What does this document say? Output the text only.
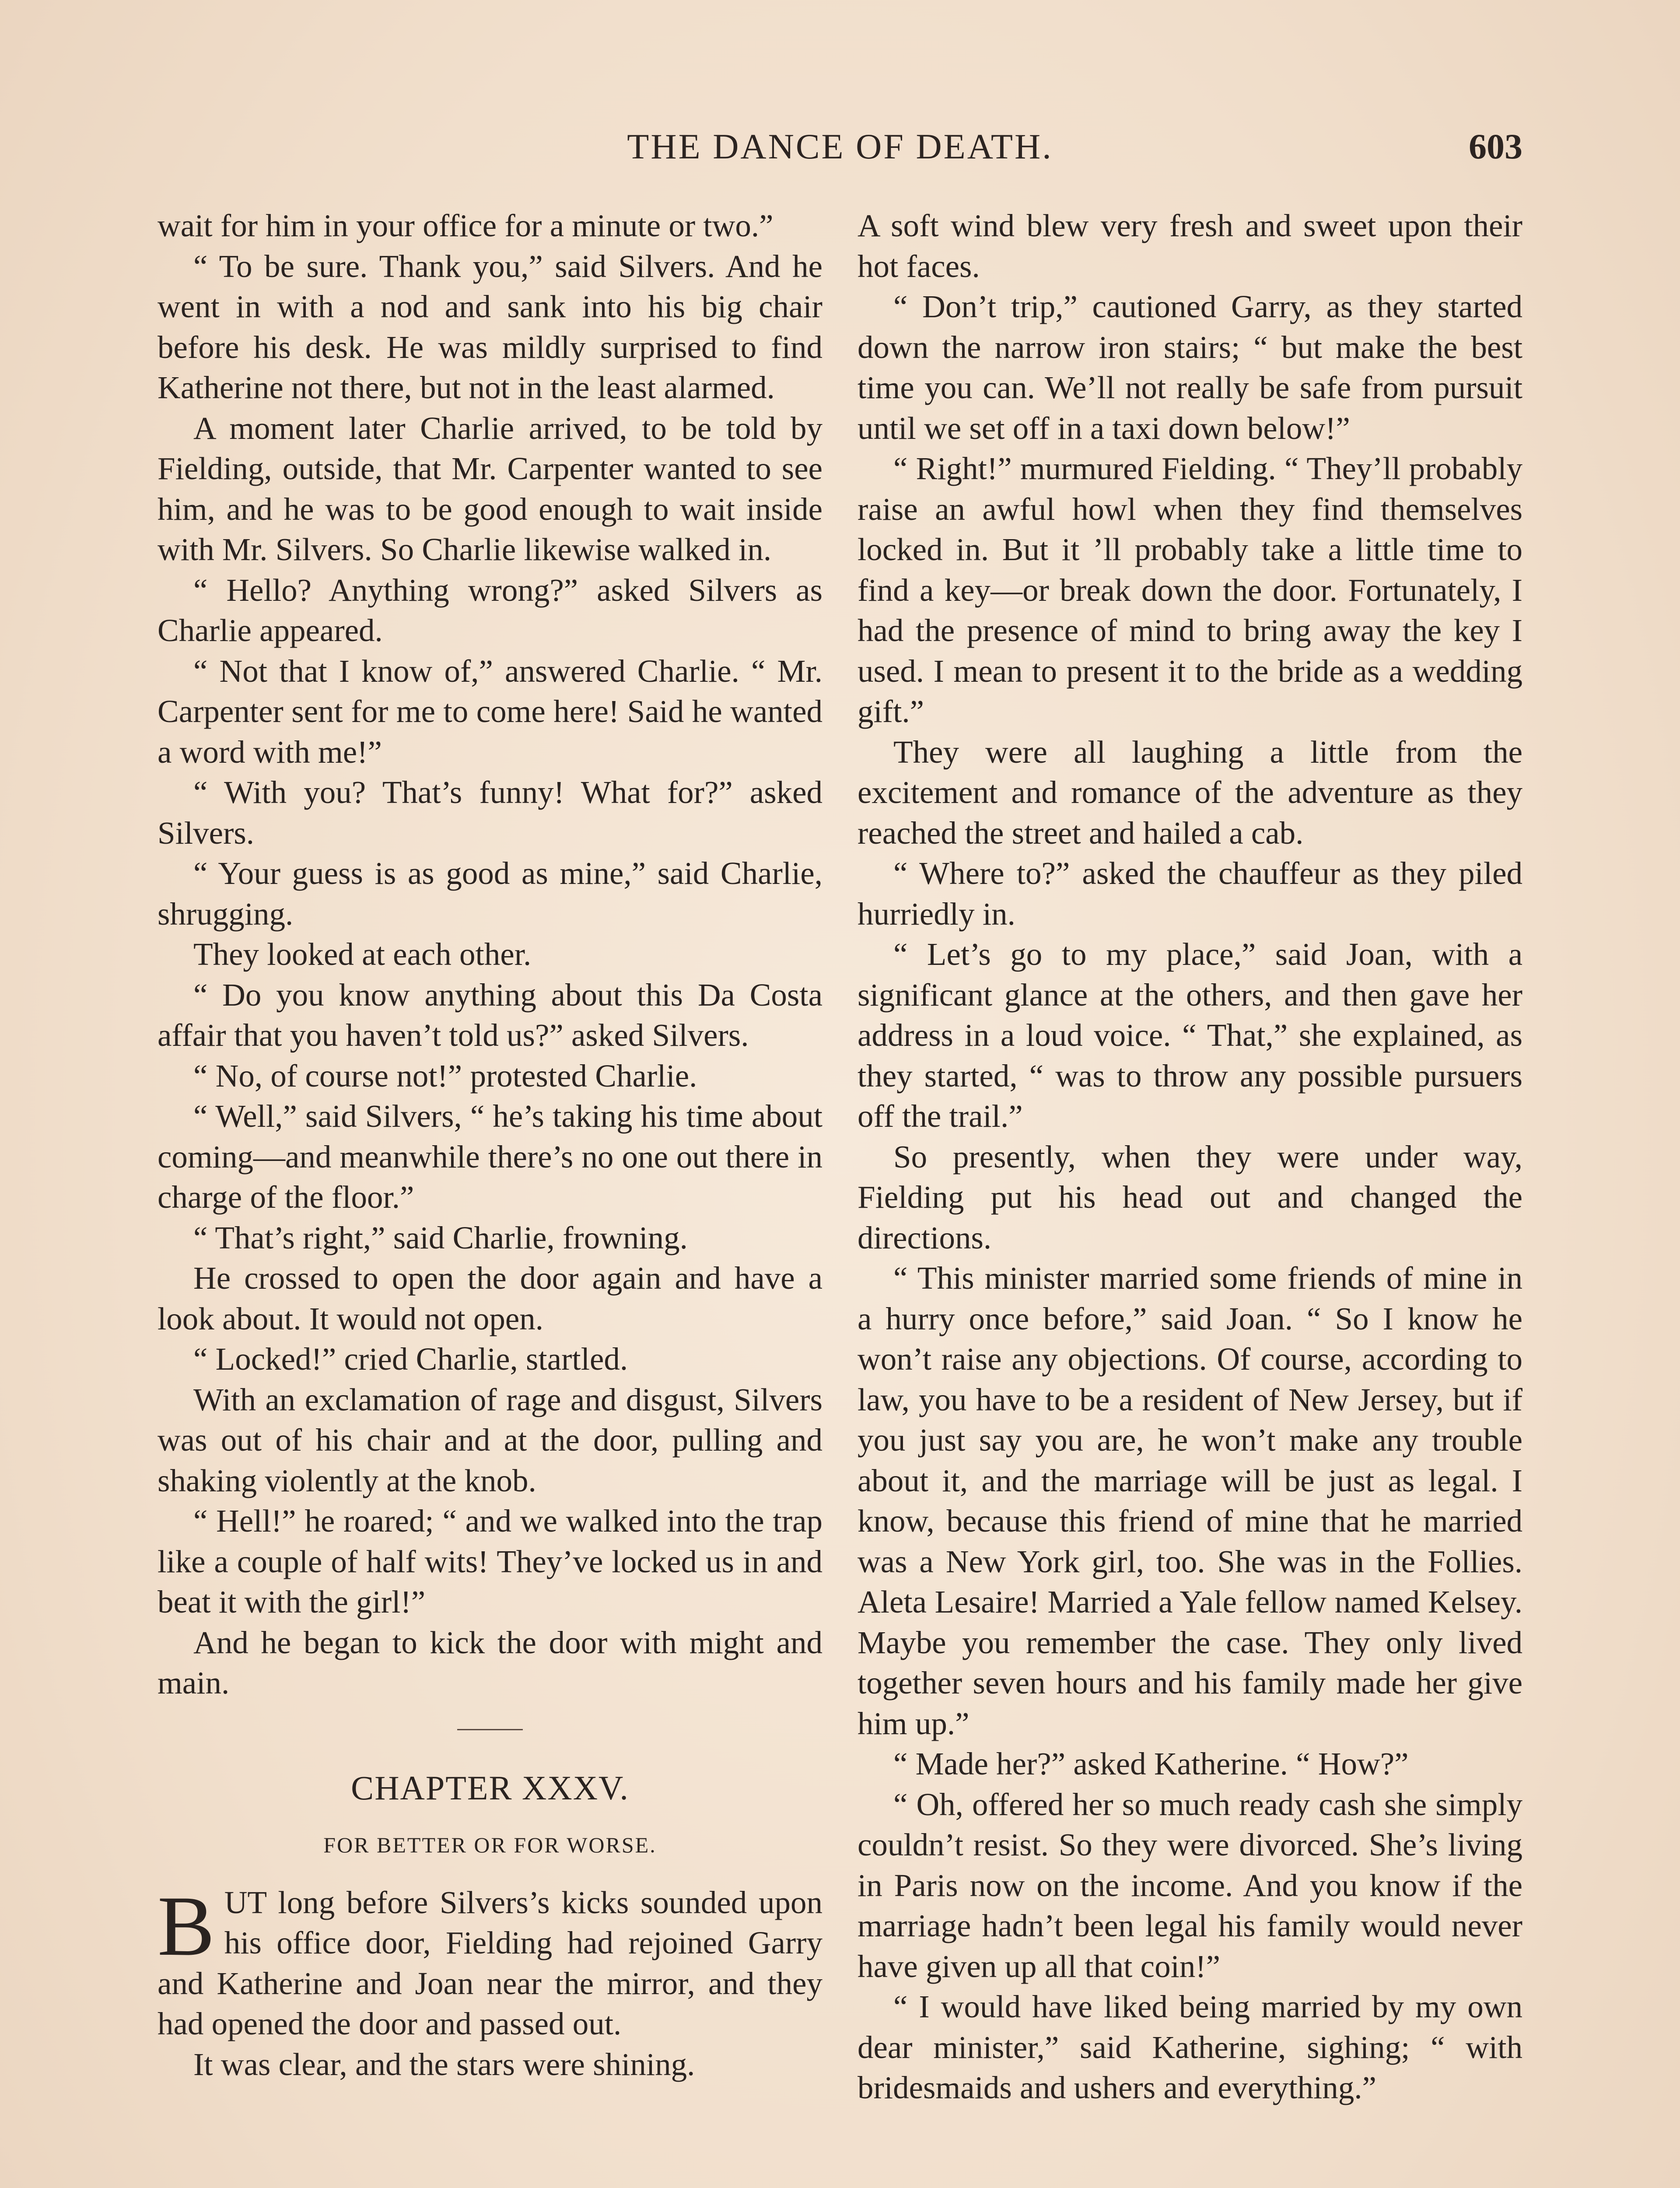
THE DANCE OF DEATH.	603

wait for him in your office for a minute or two.”

“ To be sure. Thank you,” said Silvers. And he went in with a nod and sank into his big chair before his desk. He was mildly surprised to find Katherine not there, but not in the least alarmed.

A moment later Charlie arrived, to be told by Fielding, outside, that Mr. Carpenter wanted to see him, and he was to be good enough to wait inside with Mr. Silvers. So Charlie likewise walked in.

“ Hello? Anything wrong?” asked Silvers as Charlie appeared.

“ Not that I know of,” answered Charlie. “ Mr. Carpenter sent for me to come here! Said he wanted a word with me!”

“ With you? That’s funny! What for?” asked Silvers.

“ Your guess is as good as mine,” said Charlie, shrugging.

They looked at each other.

“ Do you know anything about this Da Costa affair that you haven’t told us?” asked Silvers.

“ No, of course not!” protested Charlie.

“ Well,” said Silvers, “ he’s taking his time about coming—and meanwhile there’s no one out there in charge of the floor.”

“ That’s right,” said Charlie, frowning.

He crossed to open the door again and have a look about. It would not open.

“ Locked!” cried Charlie, startled.

With an exclamation of rage and disgust, Silvers was out of his chair and at the door, pulling and shaking violently at the knob.

“ Hell!” he roared; “ and we walked into the trap like a couple of half wits! They’ve locked us in and beat it with the girl!”

And he began to kick the door with might and main.

CHAPTER XXXV.
FOR BETTER OR FOR WORSE.

BUT long before Silvers’s kicks sounded upon his office door, Fielding had rejoined Garry and Katherine and Joan near the mirror, and they had opened the door and passed out.

It was clear, and the stars were shining.

A soft wind blew very fresh and sweet upon their hot faces.

“ Don’t trip,” cautioned Garry, as they started down the narrow iron stairs; “ but make the best time you can. We’ll not really be safe from pursuit until we set off in a taxi down below!”

“ Right!” murmured Fielding. “ They’ll probably raise an awful howl when they find themselves locked in. But it ’ll probably take a little time to find a key—or break down the door. Fortunately, I had the presence of mind to bring away the key I used. I mean to present it to the bride as a wedding gift.”

They were all laughing a little from the excitement and romance of the adventure as they reached the street and hailed a cab.

“ Where to?” asked the chauffeur as they piled hurriedly in.

“ Let’s go to my place,” said Joan, with a significant glance at the others, and then gave her address in a loud voice. “ That,” she explained, as they started, “ was to throw any possible pursuers off the trail.”

So presently, when they were under way, Fielding put his head out and changed the directions.

“ This minister married some friends of mine in a hurry once before,” said Joan. “ So I know he won’t raise any objections. Of course, according to law, you have to be a resident of New Jersey, but if you just say you are, he won’t make any trouble about it, and the marriage will be just as legal. I know, because this friend of mine that he married was a New York girl, too. She was in the Follies. Aleta Lesaire! Married a Yale fellow named Kelsey. Maybe you remember the case. They only lived together seven hours and his family made her give him up.”

“ Made her?” asked Katherine. “ How?”

“ Oh, offered her so much ready cash she simply couldn’t resist. So they were divorced. She’s living in Paris now on the income. And you know if the marriage hadn’t been legal his family would never have given up all that coin!”

“ I would have liked being married by my own dear minister,” said Katherine, sighing; “ with bridesmaids and ushers and everything.”
